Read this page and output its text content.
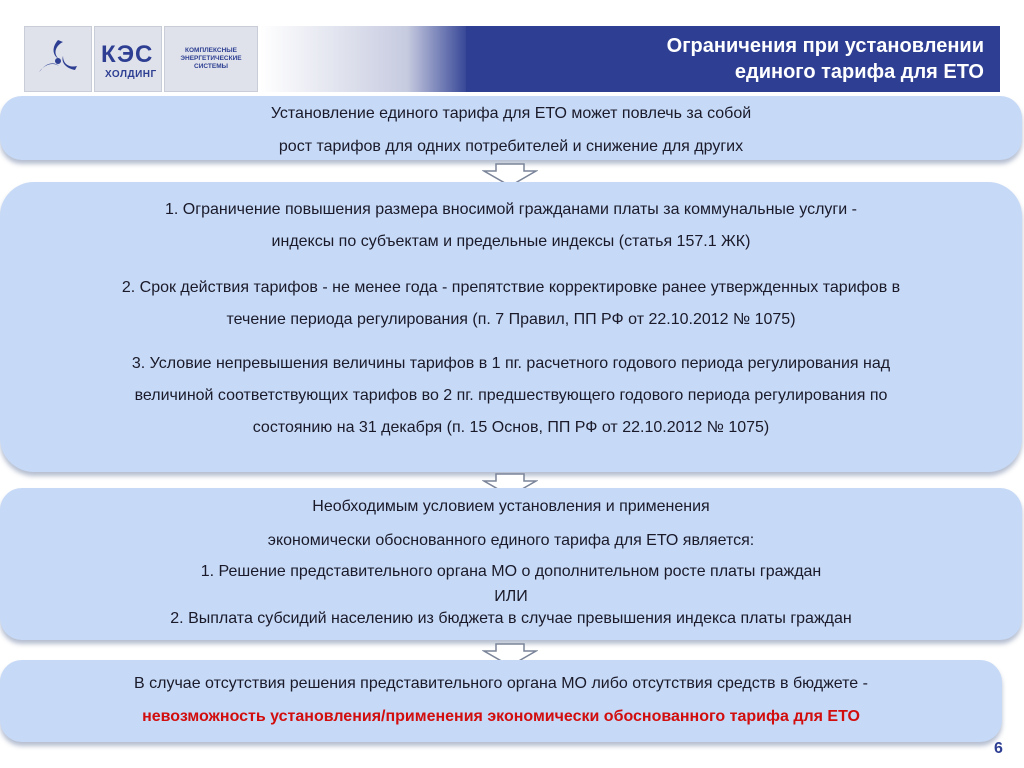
КЭС
ХОЛДИНГ
КОМПЛЕКСНЫЕ
ЭНЕРГЕТИЧЕСКИЕ
СИСТЕМЫ
Ограничения при установлении
единого тарифа для ЕТО

Установление единого тарифа для ЕТО может повлечь за собой

рост тарифов для одних потребителей и снижение для других

1. Ограничение повышения размера вносимой гражданами платы за коммунальные услуги -

индексы по субъектам и предельные индексы (статья 157.1 ЖК)

2. Срок действия тарифов - не менее года - препятствие корректировке ранее утвержденных тарифов в

течение периода регулирования (п. 7 Правил, ПП РФ от 22.10.2012 № 1075)

3. Условие непревышения величины тарифов в 1 пг. расчетного годового периода регулирования над

величиной соответствующих тарифов во 2 пг. предшествующего годового периода регулирования по

состоянию на 31 декабря (п. 15 Основ, ПП РФ от 22.10.2012 № 1075)

Необходимым условием установления и применения

экономически обоснованного единого тарифа для ЕТО является:

1. Решение представительного органа МО о дополнительном росте платы граждан

ИЛИ

2. Выплата субсидий населению из бюджета в случае превышения индекса платы граждан

В случае отсутствия решения представительного органа МО либо отсутствия средств в бюджете -

невозможность установления/применения экономически обоснованного тарифа для ЕТО

6
